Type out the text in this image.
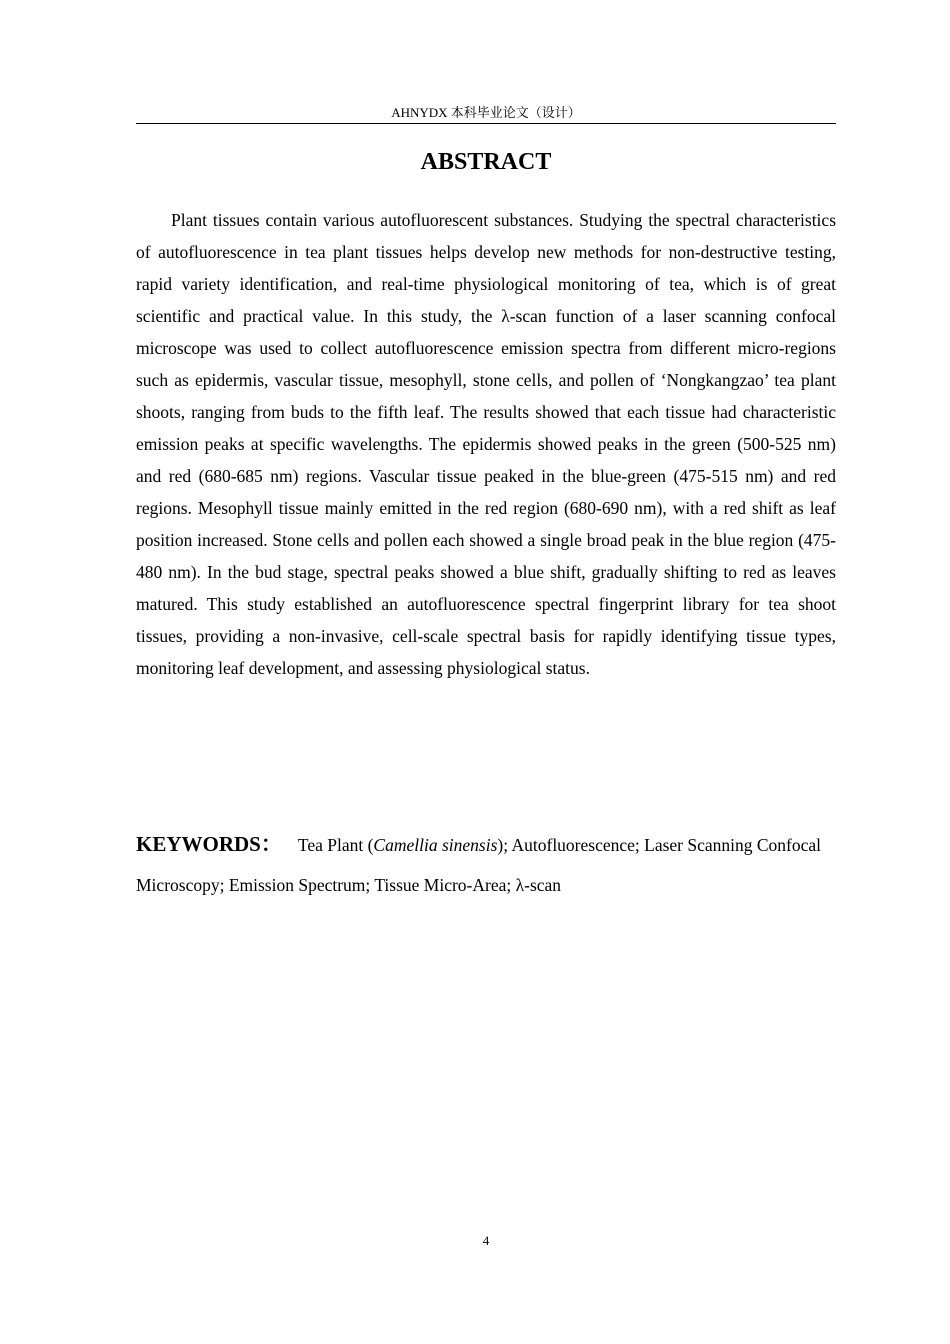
AHNYDX 本科毕业论文（设计）
ABSTRACT

Plant tissues contain various autofluorescent substances. Studying the spectral characteristics of autofluorescence in tea plant tissues helps develop new methods for non-destructive testing, rapid variety identification, and real-time physiological monitoring of tea, which is of great scientific and practical value. In this study, the λ-scan function of a laser scanning confocal microscope was used to collect autofluorescence emission spectra from different micro-regions such as epidermis, vascular tissue, mesophyll, stone cells, and pollen of ‘Nongkangzao’ tea plant shoots, ranging from buds to the fifth leaf. The results showed that each tissue had characteristic emission peaks at specific wavelengths. The epidermis showed peaks in the green (500-525 nm) and red (680-685 nm) regions. Vascular tissue peaked in the blue-green (475-515 nm) and red regions. Mesophyll tissue mainly emitted in the red region (680-690 nm), with a red shift as leaf position increased. Stone cells and pollen each showed a single broad peak in the blue region (475-480 nm). In the bud stage, spectral peaks showed a blue shift, gradually shifting to red as leaves matured. This study established an autofluorescence spectral fingerprint library for tea shoot tissues, providing a non-invasive, cell-scale spectral basis for rapidly identifying tissue types, monitoring leaf development, and assessing physiological status.

KEYWORDS： Tea Plant (Camellia sinensis); Autofluorescence; Laser Scanning Confocal Microscopy; Emission Spectrum; Tissue Micro-Area; λ-scan

4
